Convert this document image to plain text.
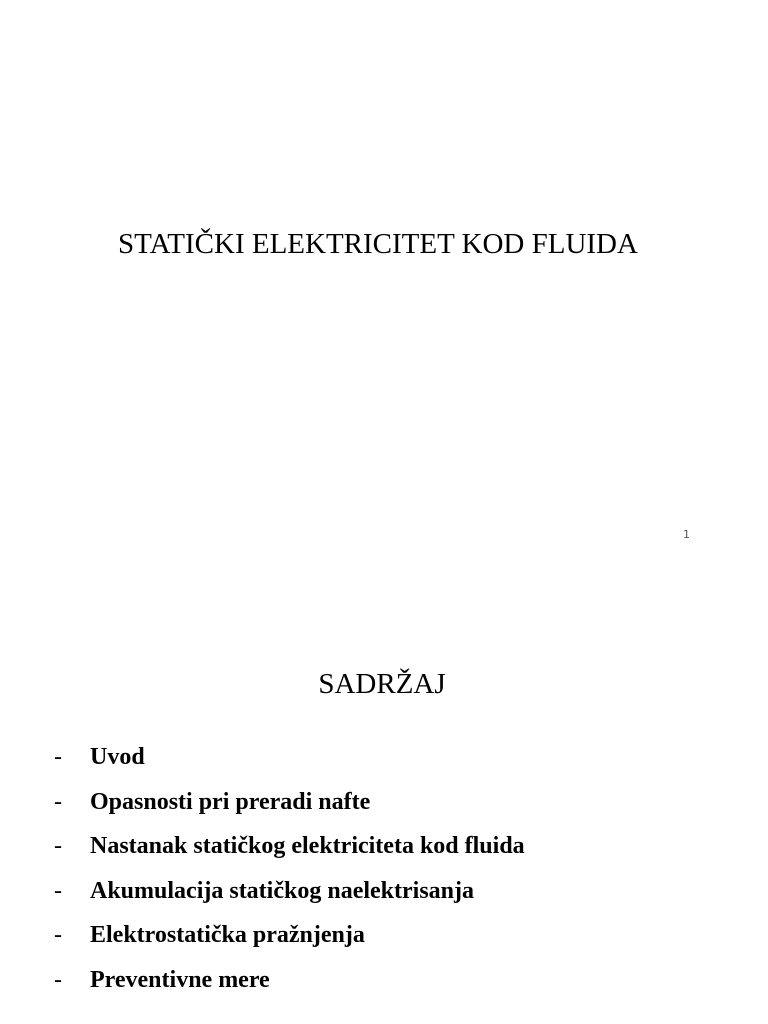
STATIČKI ELEKTRICITET KOD FLUIDA
1
SADRŽAJ
-	Uvod
-	Opasnosti pri preradi nafte
-	Nastanak statičkog elektriciteta kod fluida
-	Akumulacija statičkog naelektrisanja
-	Elektrostatička pražnjenja
-	Preventivne mere
